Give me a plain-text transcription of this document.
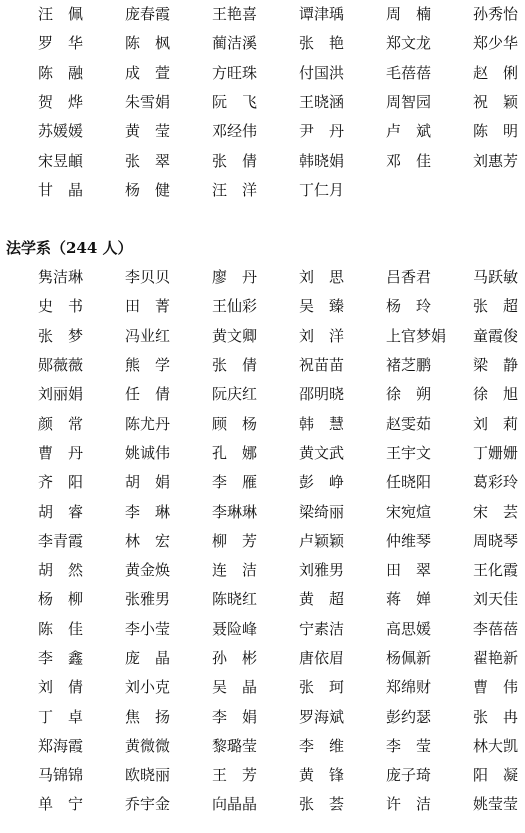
汪　佩	庞春霞	王艳喜	谭津瑀	周　楠	孙秀怡
罗　华	陈　枫	蔺洁溪	张　艳	郑文龙	郑少华
陈　融	成　萱	方旺珠	付国洪	毛蓓蓓	赵　俐
贺　烨	朱雪娟	阮　飞	王晓涵	周智园	祝　颖
苏媛媛	黄　莹	邓经伟	尹　丹	卢　斌	陈　明
宋昱頔	张　翠	张　倩	韩晓娟	邓　佳	刘惠芳
甘　晶	杨　健	汪　洋	丁仁月
法学系（244 人）
隽洁琳	李贝贝	廖　丹	刘　思	吕香君	马跃敏
史　书	田　菁	王仙彩	吴　臻	杨　玲	张　超
张　梦	冯业红	黄文卿	刘　洋	上官梦娟	童霞俊
郧薇薇	熊　学	张　倩	祝苗苗	褚芝鹏	梁　静
刘丽娟	任　倩	阮庆红	邵明晓	徐　朔	徐　旭
颜　常	陈尤丹	顾　杨	韩　慧	赵雯茹	刘　莉
曹　丹	姚诚伟	孔　娜	黄文武	王宇文	丁姗姗
齐　阳	胡　娟	李　雁	彭　峥	任晓阳	葛彩玲
胡　睿	李　琳	李琳琳	梁绮丽	宋宛煊	宋　芸
李青霞	林　宏	柳　芳	卢颖颖	仲维琴	周晓琴
胡　然	黄金焕	连　洁	刘雅男	田　翠	王化霞
杨　柳	张雅男	陈晓红	黄　超	蒋　婵	刘天佳
陈　佳	李小莹	聂险峰	宁素洁	高思媛	李蓓蓓
李　鑫	庞　晶	孙　彬	唐依眉	杨佩新	翟艳新
刘　倩	刘小克	吴　晶	张　珂	郑绵财	曹　伟
丁　卓	焦　扬	李　娟	罗海斌	彭约瑟	张　冉
郑海霞	黄微微	黎璐莹	李　维	李　莹	林大凯
马锦锦	欧晓丽	王　芳	黄　锋	庞子琦	阳　凝
单　宁	乔宇金	向晶晶	张　荟	许　洁	姚莹莹
